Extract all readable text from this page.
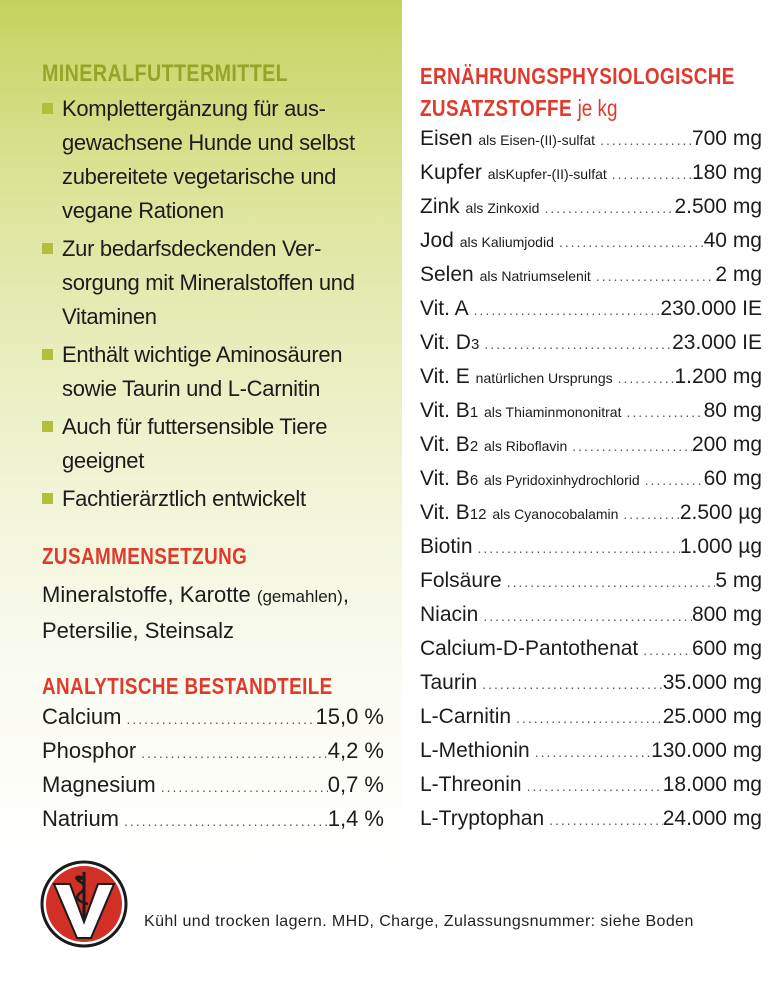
MINERALFUTTERMITTEL
Komplettergänzung für aus-gewachsene Hunde und selbst zubereitete vegetarische und vegane Rationen
Zur bedarfsdeckenden Ver-sorgung mit Mineralstoffen und Vitaminen
Enthält wichtige Aminosäuren sowie Taurin und L-Carnitin
Auch für futtersensible Tiere geeignet
Fachtierärztlich entwickelt
ZUSAMMENSETZUNG
Mineralstoffe, Karotte (gemahlen), Petersilie, Steinsalz
ANALYTISCHE BESTANDTEILE
Calcium .....	15,0 %
Phosphor .....	4,2 %
Magnesium .....	0,7 %
Natrium .....	1,4 %
ERNÄHRUNGSPHYSIOLOGISCHE
ZUSATZSTOFFE je kg
Eisen als Eisen-(II)-sulfat .....	700 mg
Kupfer alsKupfer-(II)-sulfat .....	180 mg
Zink als Zinkoxid .....	2.500 mg
Jod als Kaliumjodid .....	40 mg
Selen als Natriumselenit .....	2 mg
Vit. A .....	230.000 IE
Vit. D3 .....	23.000 IE
Vit. E natürlichen Ursprungs .....	1.200 mg
Vit. B1 als Thiaminmononitrat .....	80 mg
Vit. B2 als Riboflavin .....	200 mg
Vit. B6 als Pyridoxinhydrochlorid .....	60 mg
Vit. B12 als Cyanocobalamin .....	2.500 µg
Biotin .....	1.000 µg
Folsäure .....	5 mg
Niacin .....	800 mg
Calcium-D-Pantothenat .....	600 mg
Taurin .....	35.000 mg
L-Carnitin .....	25.000 mg
L-Methionin .....	130.000 mg
L-Threonin .....	18.000 mg
L-Tryptophan .....	24.000 mg
Kühl und trocken lagern. MHD, Charge, Zulassungsnummer: siehe Boden
